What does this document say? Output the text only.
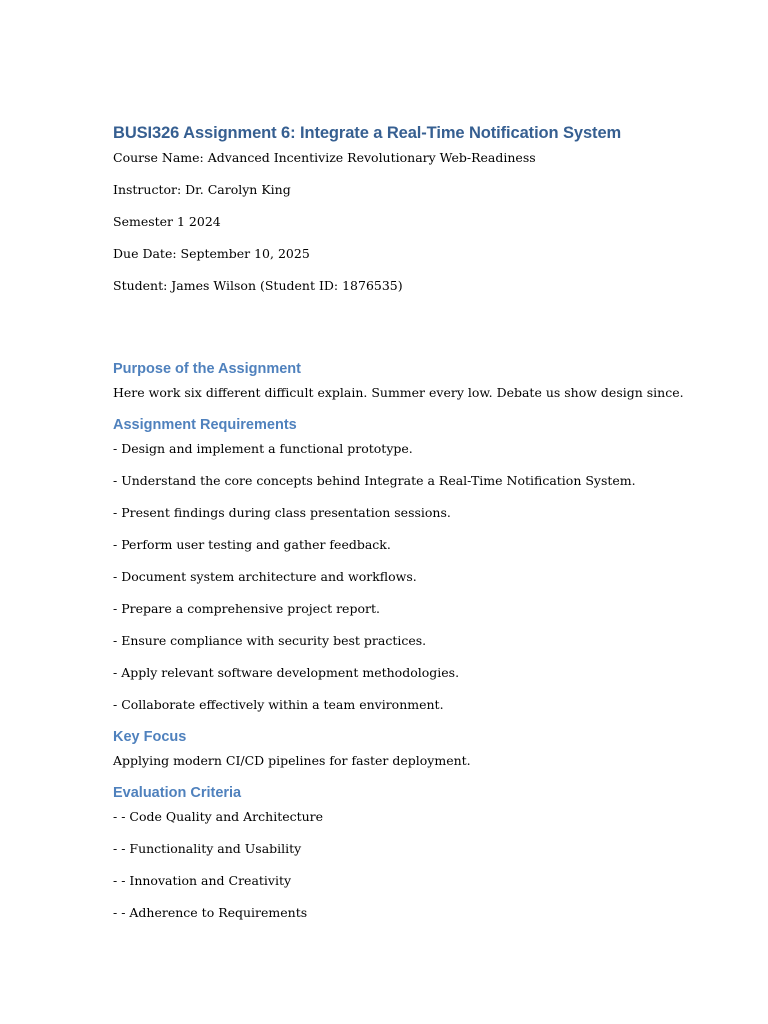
BUSI326 Assignment 6: Integrate a Real-Time Notification System

Course Name: Advanced Incentivize Revolutionary Web-Readiness

Instructor: Dr. Carolyn King

Semester 1 2024

Due Date: September 10, 2025

Student: James Wilson (Student ID: 1876535)

Purpose of the Assignment

Here work six different difficult explain. Summer every low. Debate us show design since.

Assignment Requirements

- Design and implement a functional prototype.

- Understand the core concepts behind Integrate a Real-Time Notification System.

- Present findings during class presentation sessions.

- Perform user testing and gather feedback.

- Document system architecture and workflows.

- Prepare a comprehensive project report.

- Ensure compliance with security best practices.

- Apply relevant software development methodologies.

- Collaborate effectively within a team environment.

Key Focus

Applying modern CI/CD pipelines for faster deployment.

Evaluation Criteria

- - Code Quality and Architecture

- - Functionality and Usability

- - Innovation and Creativity

- - Adherence to Requirements
